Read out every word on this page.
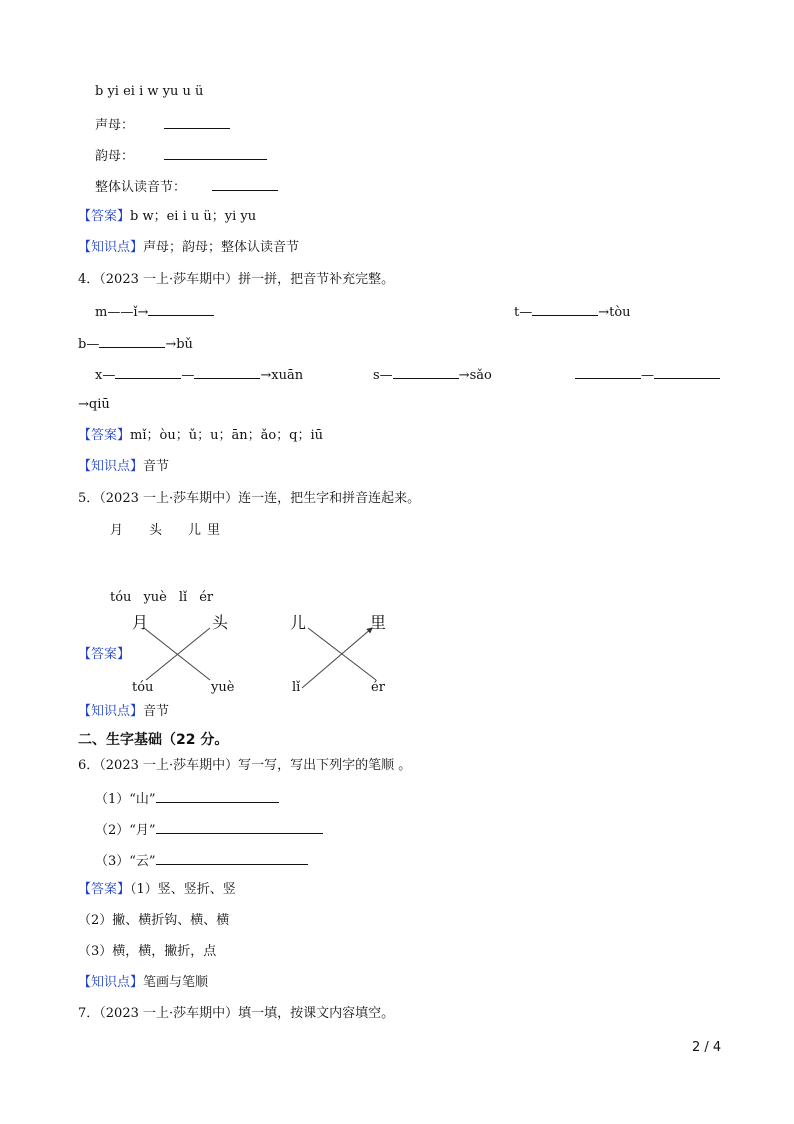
b yi ei i w yu u ü
声母：
韵母：
整体认读音节：
【答案】b w；ei i u ü；yi yu
【知识点】声母；韵母；整体认读音节
4．（2023 一上·莎车期中）拼一拼，把音节补充完整。
m——ǐ→	t—	→tòu
b—	→bǔ
x—	—	→xuān	s—	→sǎo	—
→qiū
【答案】mǐ；òu；ǔ；u；ān；ǎo；q；iū
【知识点】音节
5．（2023 一上·莎车期中）连一连，把生字和拼音连起来。
月 头 儿 里
tóu yuè lǐ ér
【答案】
月	头	儿	里
tóu	yuè	lǐ	ér
【知识点】音节
二、生字基础（22 分。
6．（2023 一上·莎车期中）写一写，写出下列字的笔顺 。
（1）“山”
（2）“月”
（3）“云”
【答案】（1）竖、竖折、竖
（2）撇、横折钩、横、横
（3）横，横，撇折，点
【知识点】笔画与笔顺
7．（2023 一上·莎车期中）填一填，按课文内容填空。
2 / 4
